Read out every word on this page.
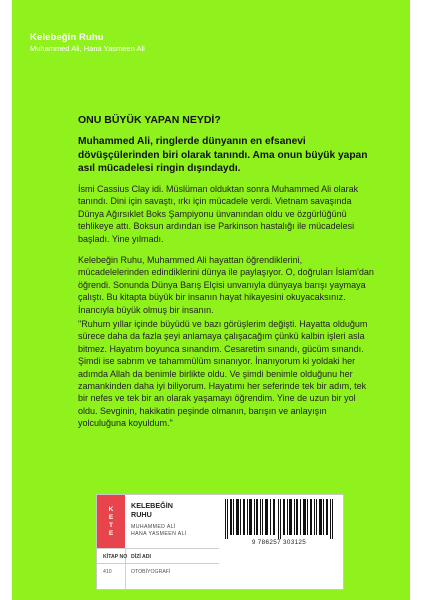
Kelebeğin Ruhu
Muhammed Ali, Hana Yasmeen Ali
ONU BÜYÜK YAPAN NEYDİ?
Muhammed Ali, ringlerde dünyanın en efsanevi dövüşçülerinden biri olarak tanındı. Ama onun büyük yapan asıl mücadelesi ringin dışındaydı.
İsmi Cassius Clay idi. Müslüman olduktan sonra Muhammed Ali olarak tanındı. Dini için savaştı, ırkı için mücadele verdi. Vietnam savaşında Dünya Ağırsıklet Boks Şampiyonu ünvanından oldu ve özgürlüğünü tehlikeye attı. Boksun ardından ise Parkinson hastalığı ile mücadelesi başladı. Yine yılmadı.
Kelebeğin Ruhu, Muhammed Ali hayattan öğrendiklerini, mücadelelerinden edindiklerini dünya ile paylaşıyor. O, doğruları İslam'dan öğrendi. Sonunda Dünya Barış Elçisi unvanıyla dünyaya barışı yaymaya çalıştı. Bu kitapta büyük bir insanın hayat hikayesini okuyacaksınız. İnancıyla büyük olmuş bir insanın.
"Ruhum yıllar içinde büyüdü ve bazı görüşlerim değişti. Hayatta olduğum sürece daha da fazla şeyi anlamaya çalışacağım çünkü kalbin işleri asla bitmez. Hayatım boyunca sınandım. Cesaretim sınandı, gücüm sınandı. Şimdi ise sabrım ve tahammülüm sınanıyor. İnanıyorum ki yoldaki her adımda Allah da benimle birlikte oldu. Ve şimdi benimle olduğunu her zamankinden daha iyi biliyorum. Hayatımı her seferinde tek bir adım, tek bir nefes ve tek bir an olarak yaşamayı öğrendim. Yine de uzun bir yol oldu. Sevginin, hakikatin peşinde olmanın, barışın ve anlayışın yolculuğuna koyuldum."
K
E
T
E
KELEBEĞİN RUHU
MUHAMMED ALİ
HANA YASMEEN ALİ
9 786257 303125
KİTAP NO DİZİ ADI
410	OTOBİYOGRAFİ
